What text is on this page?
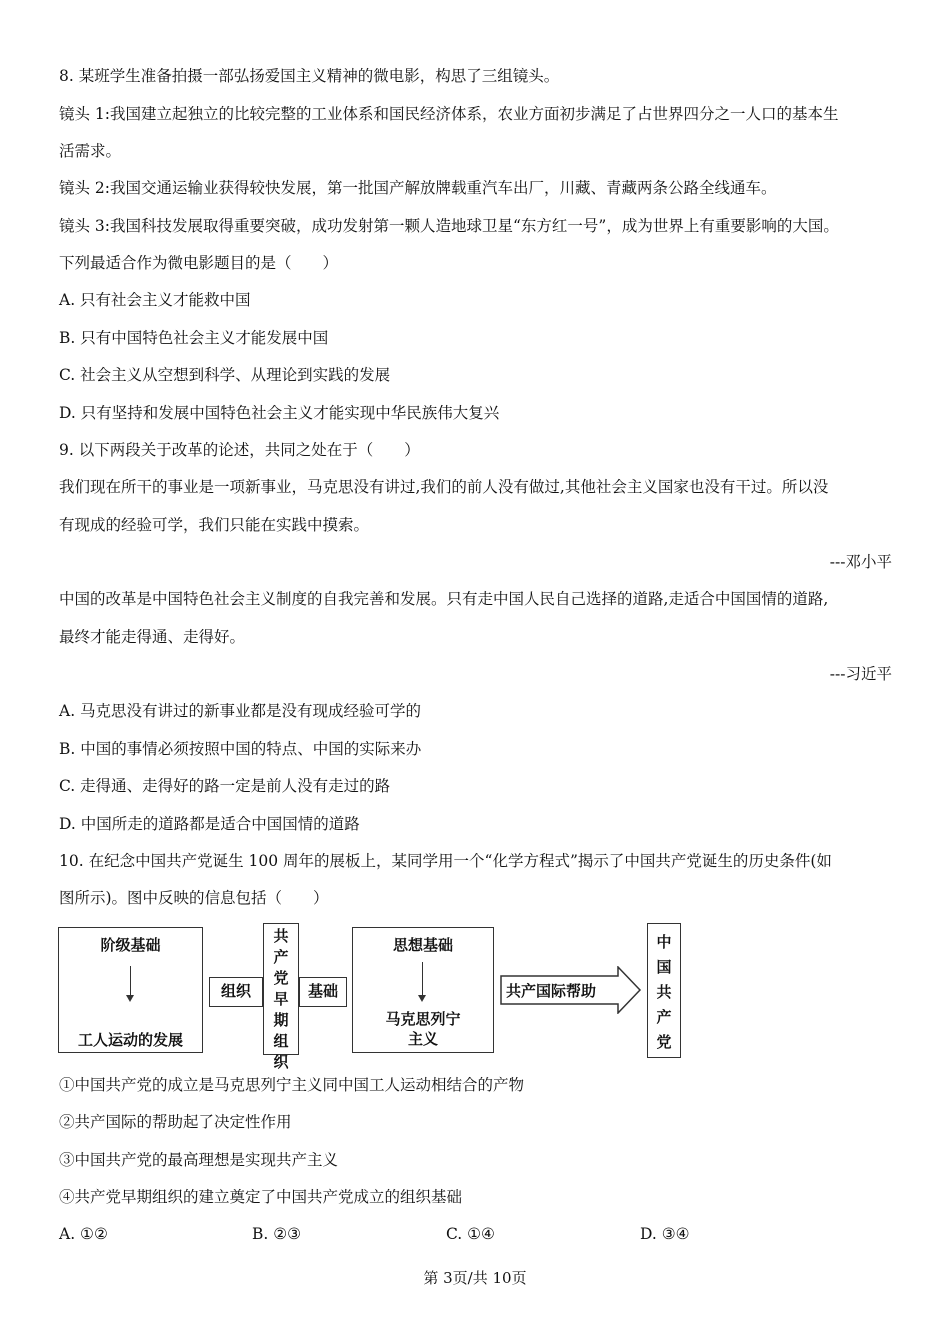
8. 某班学生准备拍摄一部弘扬爱国主义精神的微电影，构思了三组镜头。
镜头 1:我国建立起独立的比较完整的工业体系和国民经济体系，农业方面初步满足了占世界四分之一人口的基本生
活需求。
镜头 2:我国交通运输业获得较快发展，第一批国产解放牌载重汽车出厂，川藏、青藏两条公路全线通车。
镜头 3:我国科技发展取得重要突破，成功发射第一颗人造地球卫星“东方红一号”，成为世界上有重要影响的大国。
下列最适合作为微电影题目的是（　　）
A. 只有社会主义才能救中国
B. 只有中国特色社会主义才能发展中国
C. 社会主义从空想到科学、从理论到实践的发展
D. 只有坚持和发展中国特色社会主义才能实现中华民族伟大复兴
9. 以下两段关于改革的论述，共同之处在于（　　）
我们现在所干的事业是一项新事业，马克思没有讲过,我们的前人没有做过,其他社会主义国家也没有干过。所以没
有现成的经验可学，我们只能在实践中摸索。
---邓小平
中国的改革是中国特色社会主义制度的自我完善和发展。只有走中国人民自己选择的道路,走适合中国国情的道路,
最终才能走得通、走得好。
---习近平
A. 马克思没有讲过的新事业都是没有现成经验可学的
B. 中国的事情必须按照中国的特点、中国的实际来办
C. 走得通、走得好的路一定是前人没有走过的路
D. 中国所走的道路都是适合中国国情的道路
10. 在纪念中国共产党诞生 100 周年的展板上，某同学用一个“化学方程式”揭示了中国共产党诞生的历史条件(如
图所示)。图中反映的信息包括（　　）
阶级基础
工人运动的发展
组织
共产党早期组织
基础
思想基础
马克思列宁
主义
共产国际帮助
中国共产党
①中国共产党的成立是马克思列宁主义同中国工人运动相结合的产物
②共产国际的帮助起了决定性作用
③中国共产党的最高理想是实现共产主义
④共产党早期组织的建立奠定了中国共产党成立的组织基础
A. ①②	B. ②③	C. ①④	D. ③④
第 3页/共 10页
